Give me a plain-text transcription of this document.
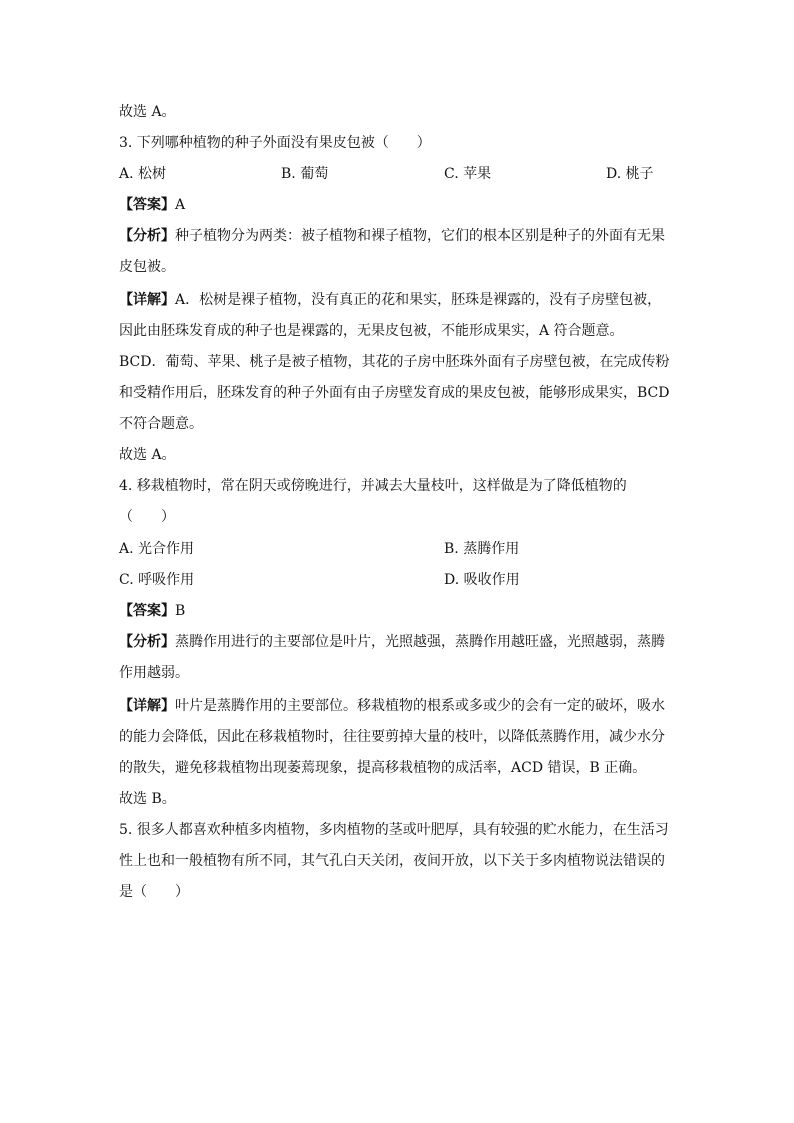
故选 A。
3. 下列哪种植物的种子外面没有果皮包被（　　）
A. 松树	B. 葡萄	C. 苹果	D. 桃子
【答案】A
【分析】种子植物分为两类：被子植物和裸子植物，它们的根本区别是种子的外面有无果
皮包被。
【详解】A．松树是裸子植物，没有真正的花和果实，胚珠是裸露的，没有子房壁包被，
因此由胚珠发育成的种子也是裸露的，无果皮包被，不能形成果实，A 符合题意。
BCD．葡萄、苹果、桃子是被子植物，其花的子房中胚珠外面有子房壁包被，在完成传粉
和受精作用后，胚珠发育的种子外面有由子房壁发育成的果皮包被，能够形成果实，BCD
不符合题意。
故选 A。
4. 移栽植物时，常在阴天或傍晚进行，并减去大量枝叶，这样做是为了降低植物的
（　　）
A. 光合作用	B. 蒸腾作用
C. 呼吸作用	D. 吸收作用
【答案】B
【分析】蒸腾作用进行的主要部位是叶片，光照越强，蒸腾作用越旺盛，光照越弱，蒸腾
作用越弱。
【详解】叶片是蒸腾作用的主要部位。移栽植物的根系或多或少的会有一定的破坏，吸水
的能力会降低，因此在移栽植物时，往往要剪掉大量的枝叶，以降低蒸腾作用，减少水分
的散失，避免移栽植物出现萎蔫现象，提高移栽植物的成活率，ACD 错误，B 正确。
故选 B。
5. 很多人都喜欢种植多肉植物，多肉植物的茎或叶肥厚，具有较强的贮水能力，在生活习
性上也和一般植物有所不同，其气孔白天关闭，夜间开放，以下关于多肉植物说法错误的
是（　　）
